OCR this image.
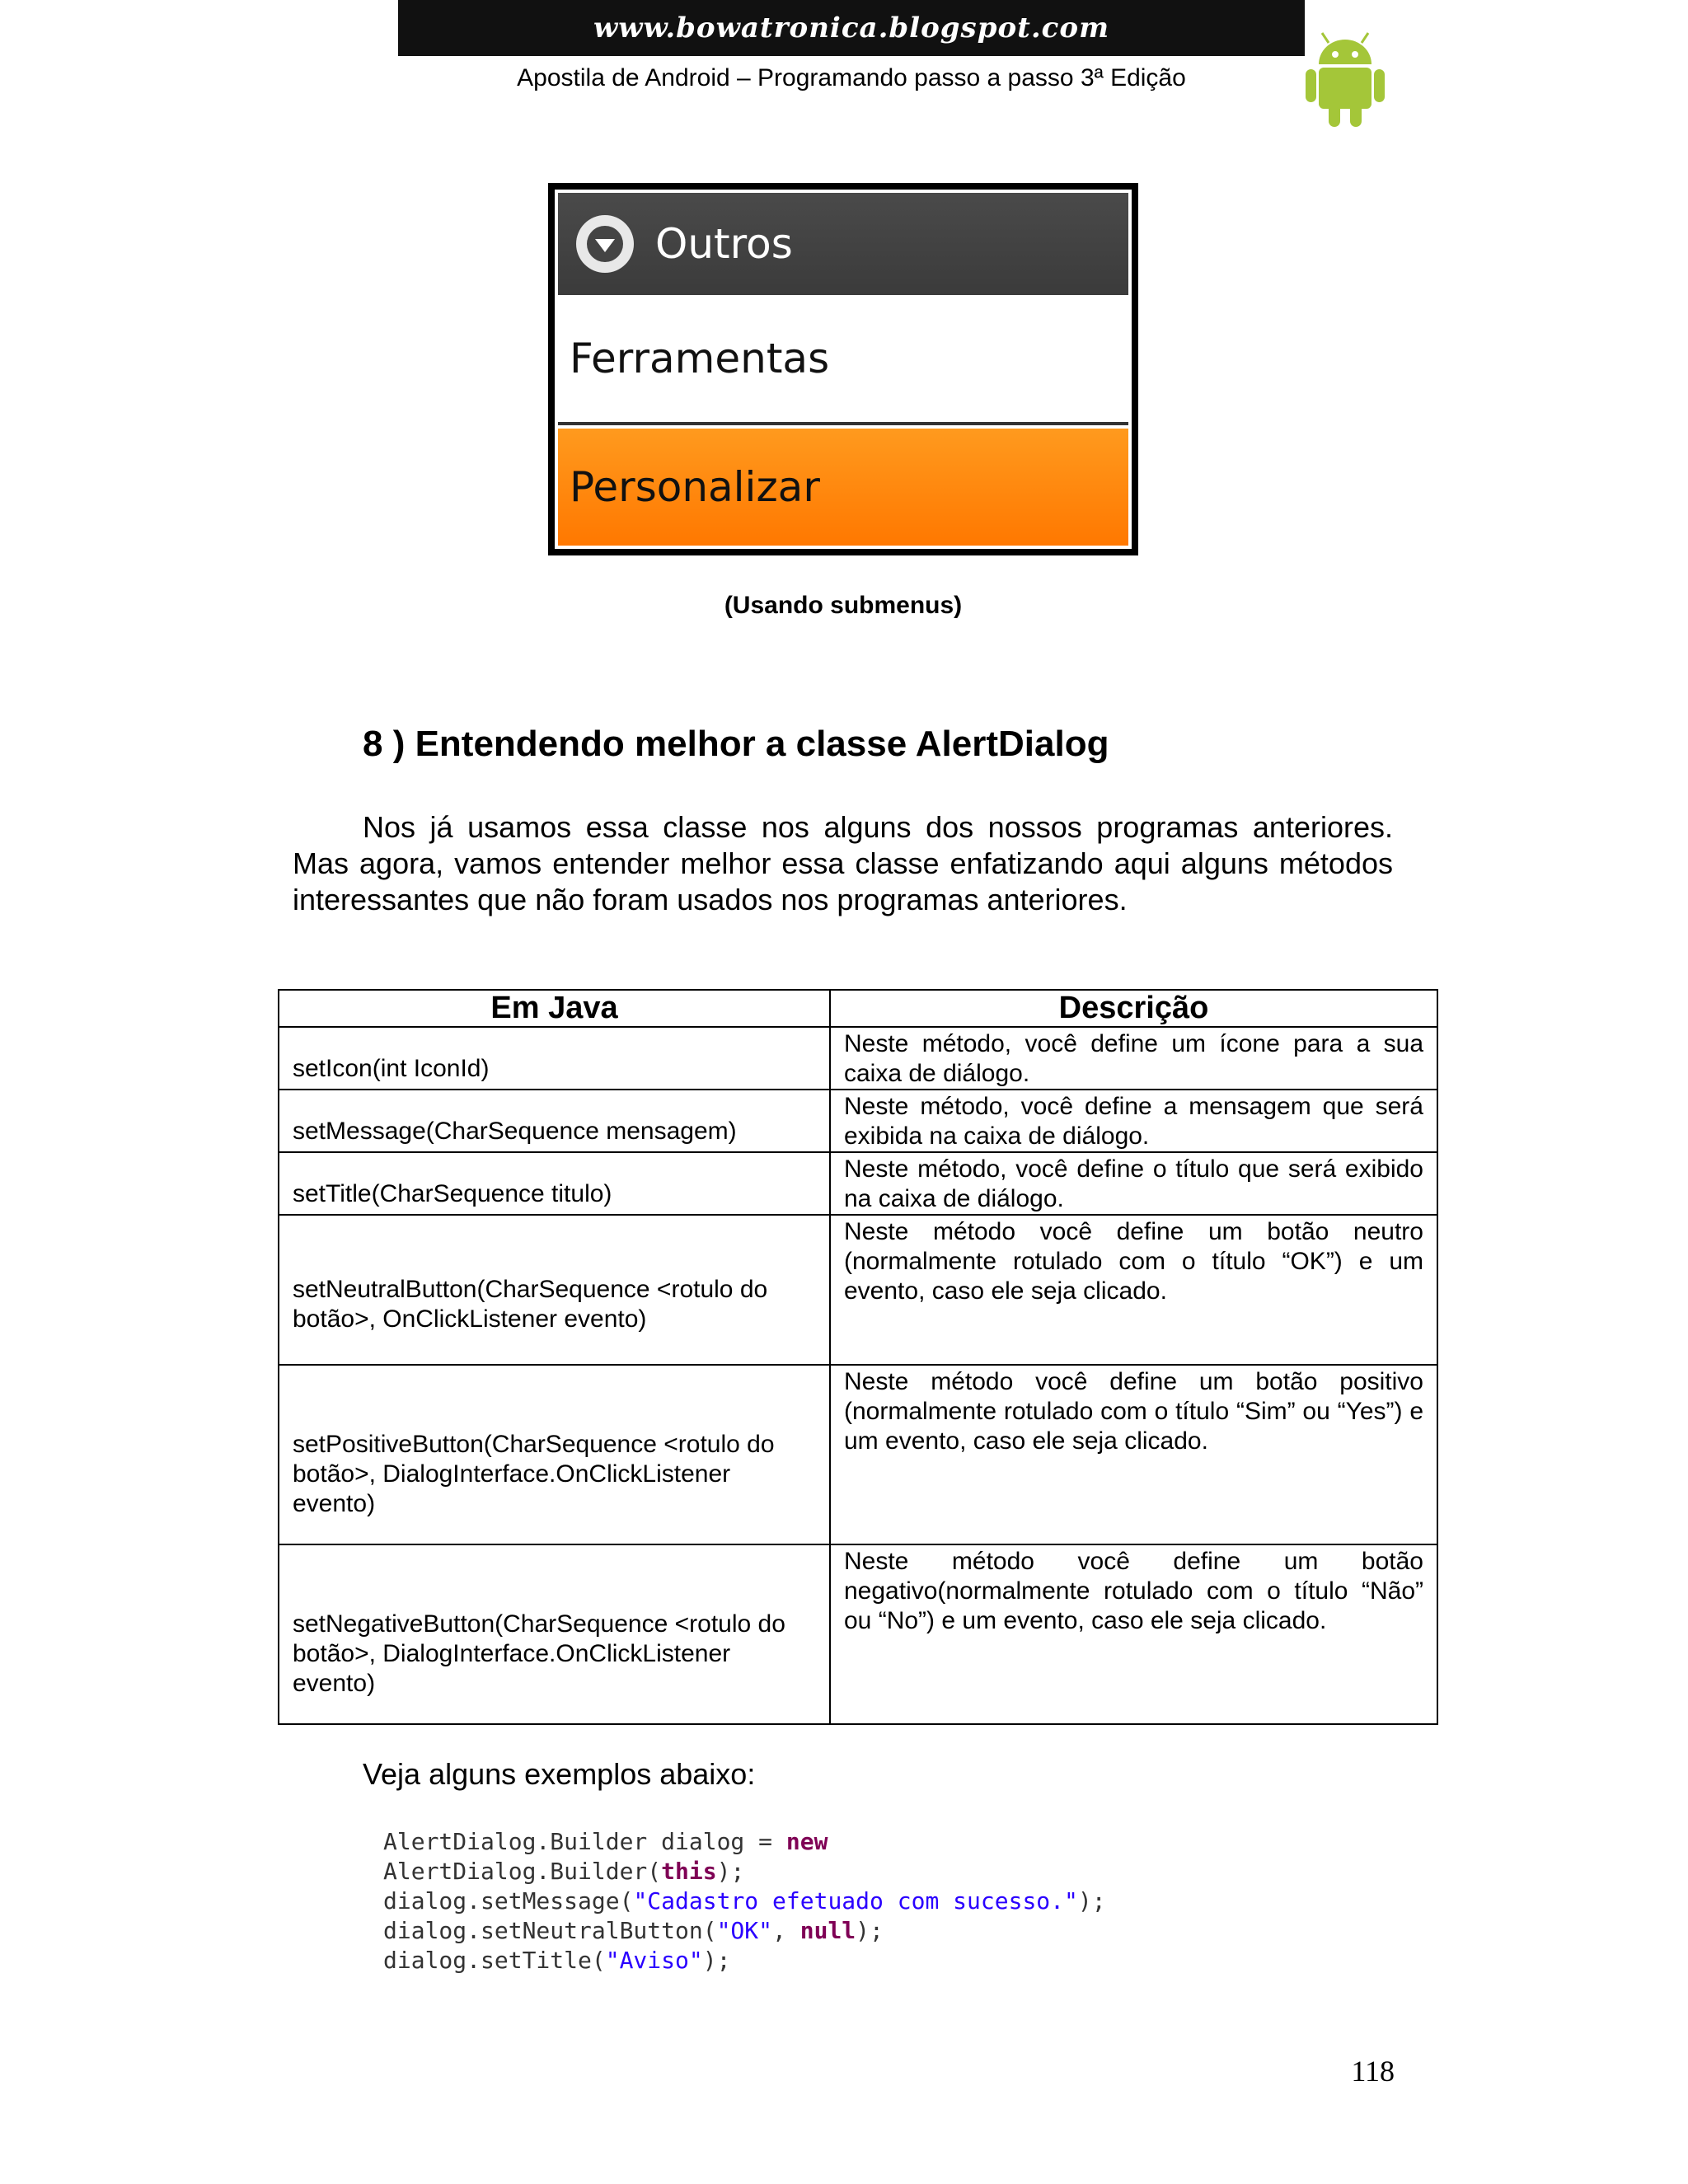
www.bowatronica.blogspot.com
Apostila de Android – Programando passo a passo 3ª Edição
Outros
Ferramentas
Personalizar
(Usando submenus)
8 ) Entendendo melhor a classe AlertDialog
Nos já usamos essa classe nos alguns dos nossos programas anteriores. Mas agora, vamos entender melhor essa classe enfatizando aqui alguns métodos interessantes que não foram usados nos programas anteriores.
Em Java	Descrição
setIcon(int IconId)	Neste método, você define um ícone para a sua caixa de diálogo.
setMessage(CharSequence mensagem)	Neste método, você define a mensagem que será exibida na caixa de diálogo.
setTitle(CharSequence titulo)	Neste método, você define o título que será exibido na caixa de diálogo.
setNeutralButton(CharSequence <rotulo do botão>, OnClickListener evento)	Neste método você define um botão neutro (normalmente rotulado com o título “OK”) e um evento, caso ele seja clicado.
setPositiveButton(CharSequence <rotulo do botão>, DialogInterface.OnClickListener evento)	Neste método você define um botão positivo (normalmente rotulado com o título “Sim” ou “Yes”) e um evento, caso ele seja clicado.
setNegativeButton(CharSequence <rotulo do botão>, DialogInterface.OnClickListener evento)	Neste método você define um botão negativo(normalmente rotulado com o título “Não” ou “No”) e um evento, caso ele seja clicado.
Veja alguns exemplos abaixo:
AlertDialog.Builder dialog = new
AlertDialog.Builder(this);
dialog.setMessage("Cadastro efetuado com sucesso.");
dialog.setNeutralButton("OK", null);
dialog.setTitle("Aviso");
118
